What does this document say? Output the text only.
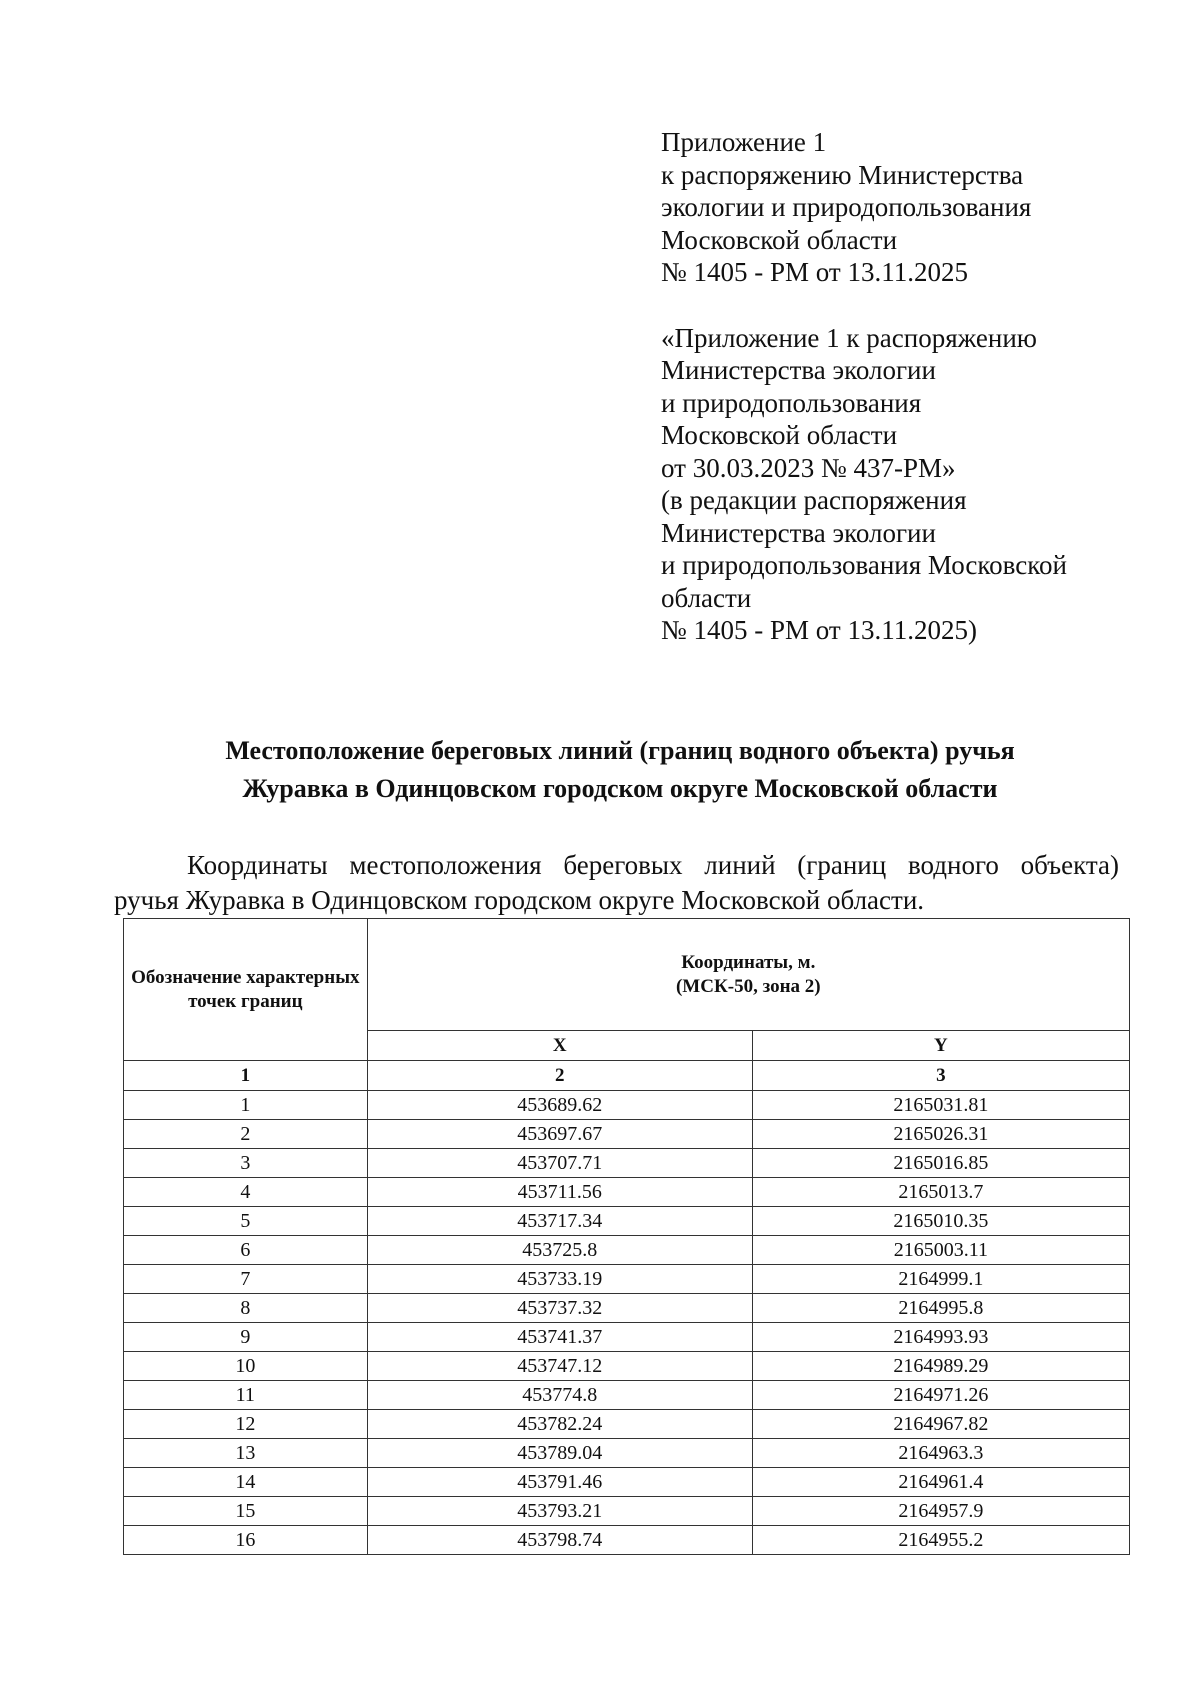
Приложение 1
к распоряжению Министерства
экологии и природопользования
Московской области
№ 1405 - РМ от 13.11.2025
«Приложение 1 к распоряжению
Министерства экологии
и природопользования
Московской области
от 30.03.2023 № 437-РМ»
(в редакции распоряжения
Министерства экологии
и природопользования Московской
области
№ 1405 - РМ от 13.11.2025)
Местоположение береговых линий (границ водного объекта) ручья
Журавка в Одинцовском городском округе Московской области
Координаты местоположения береговых линий (границ водного объекта)
ручья Журавка в Одинцовском городском округе Московской области.
Обозначение характерных точек границ	Координаты, м.
(МСК-50, зона 2)	

	X	Y
1	2	3
1	453689.62	2165031.81
2	453697.67	2165026.31
3	453707.71	2165016.85
4	453711.56	2165013.7
5	453717.34	2165010.35
6	453725.8	2165003.11
7	453733.19	2164999.1
8	453737.32	2164995.8
9	453741.37	2164993.93
10	453747.12	2164989.29
11	453774.8	2164971.26
12	453782.24	2164967.82
13	453789.04	2164963.3
14	453791.46	2164961.4
15	453793.21	2164957.9
16	453798.74	2164955.2
